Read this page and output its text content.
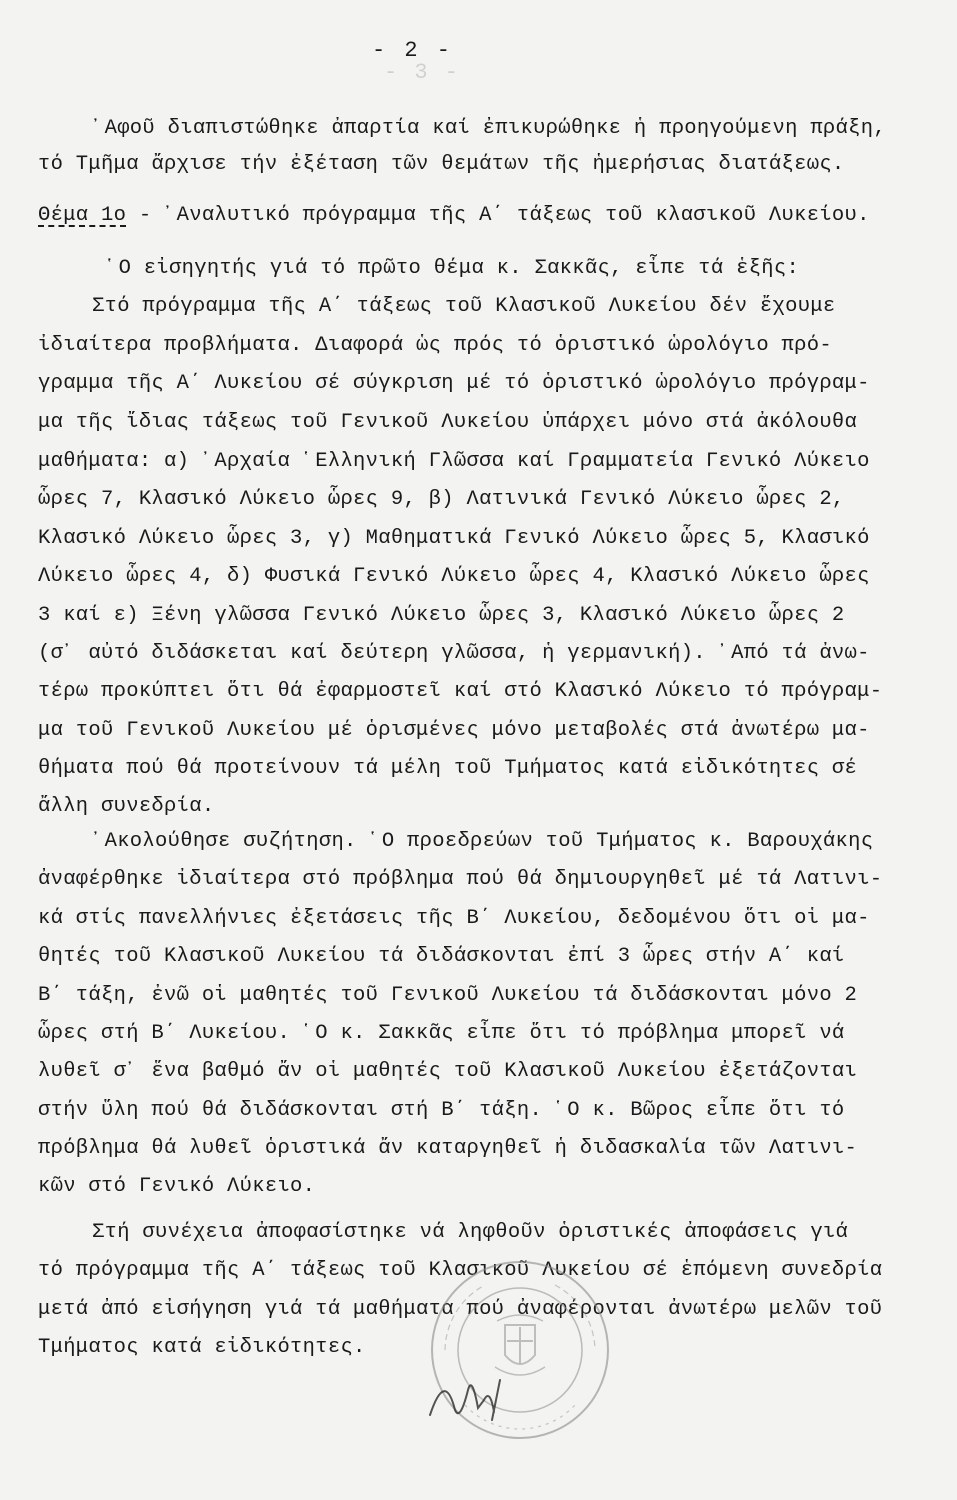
- 3 -
- 2 -
᾿Αφοῦ διαπιστώθηκε ἀπαρτία καί ἐπικυρώθηκε ἡ προηγούμενη πράξη,
τό Τμῆμα ἄρχισε τήν ἐξέταση τῶν θεμάτων τῆς ἡμερήσιας διατάξεως.
Θέμα 1ο - ᾿Αναλυτικό πρόγραμμα τῆς Α΄ τάξεως τοῦ κλασικοῦ Λυκείου.
῾Ο εἰσηγητής γιά τό πρῶτο θέμα κ. Σακκᾶς, εἶπε τά ἑξῆς:
Στό πρόγραμμα τῆς Α΄ τάξεως τοῦ Κλασικοῦ Λυκείου δέν ἔχουμε
ἰδιαίτερα προβλήματα. Διαφορά ὡς πρός τό ὁριστικό ὡρολόγιο πρό-
γραμμα τῆς Α΄ Λυκείου σέ σύγκριση μέ τό ὁριστικό ὡρολόγιο πρόγραμ-
μα τῆς ἴδιας τάξεως τοῦ Γενικοῦ Λυκείου ὑπάρχει μόνο στά ἀκόλουθα
μαθήματα: α) ᾿Αρχαία ῾Ελληνική Γλῶσσα καί Γραμματεία Γενικό Λύκειο
ὧρες 7, Κλασικό Λύκειο ὧρες 9, β) Λατινικά Γενικό Λύκειο ὧρες 2,
Κλασικό Λύκειο ὧρες 3, γ) Μαθηματικά Γενικό Λύκειο ὧρες 5, Κλασικό
Λύκειο ὧρες 4, δ) Φυσικά Γενικό Λύκειο ὧρες 4, Κλασικό Λύκειο ὧρες
3 καί ε) Ξένη γλῶσσα Γενικό Λύκειο ὧρες 3, Κλασικό Λύκειο ὧρες 2
(σ᾿ αὐτό διδάσκεται καί δεύτερη γλῶσσα, ἡ γερμανική). ᾿Από τά ἀνω-
τέρω προκύπτει ὅτι θά ἐφαρμοστεῖ καί στό Κλασικό Λύκειο τό πρόγραμ-
μα τοῦ Γενικοῦ Λυκείου μέ ὁρισμένες μόνο μεταβολές στά ἀνωτέρω μα-
θήματα πού θά προτείνουν τά μέλη τοῦ Τμήματος κατά εἰδικότητες σέ
ἄλλη συνεδρία.
᾿Ακολούθησε συζήτηση. ῾Ο προεδρεύων τοῦ Τμήματος κ. Βαρουχάκης
ἀναφέρθηκε ἰδιαίτερα στό πρόβλημα πού θά δημιουργηθεῖ μέ τά Λατινι-
κά στίς πανελλήνιες ἐξετάσεις τῆς Β΄ Λυκείου, δεδομένου ὅτι οἱ μα-
θητές τοῦ Κλασικοῦ Λυκείου τά διδάσκονται ἐπί 3 ὧρες στήν Α΄ καί
Β΄ τάξη, ἐνῶ οἱ μαθητές τοῦ Γενικοῦ Λυκείου τά διδάσκονται μόνο 2
ὧρες στή Β΄ Λυκείου. ῾Ο κ. Σακκᾶς εἶπε ὅτι τό πρόβλημα μπορεῖ νά
λυθεῖ σ᾿ ἕνα βαθμό ἄν οἱ μαθητές τοῦ Κλασικοῦ Λυκείου ἐξετάζονται
στήν ὕλη πού θά διδάσκονται στή Β΄ τάξη. ῾Ο κ. Βῶρος εἶπε ὅτι τό
πρόβλημα θά λυθεῖ ὁριστικά ἄν καταργηθεῖ ἡ διδασκαλία τῶν Λατινι-
κῶν στό Γενικό Λύκειο.
Στή συνέχεια ἀποφασίστηκε νά ληφθοῦν ὁριστικές ἀποφάσεις γιά
τό πρόγραμμα τῆς Α΄ τάξεως τοῦ Κλασικοῦ Λυκείου σέ ἑπόμενη συνεδρία
μετά ἀπό εἰσήγηση γιά τά μαθήματα πού ἀναφέρονται ἀνωτέρω μελῶν τοῦ
Τμήματος κατά εἰδικότητες.
